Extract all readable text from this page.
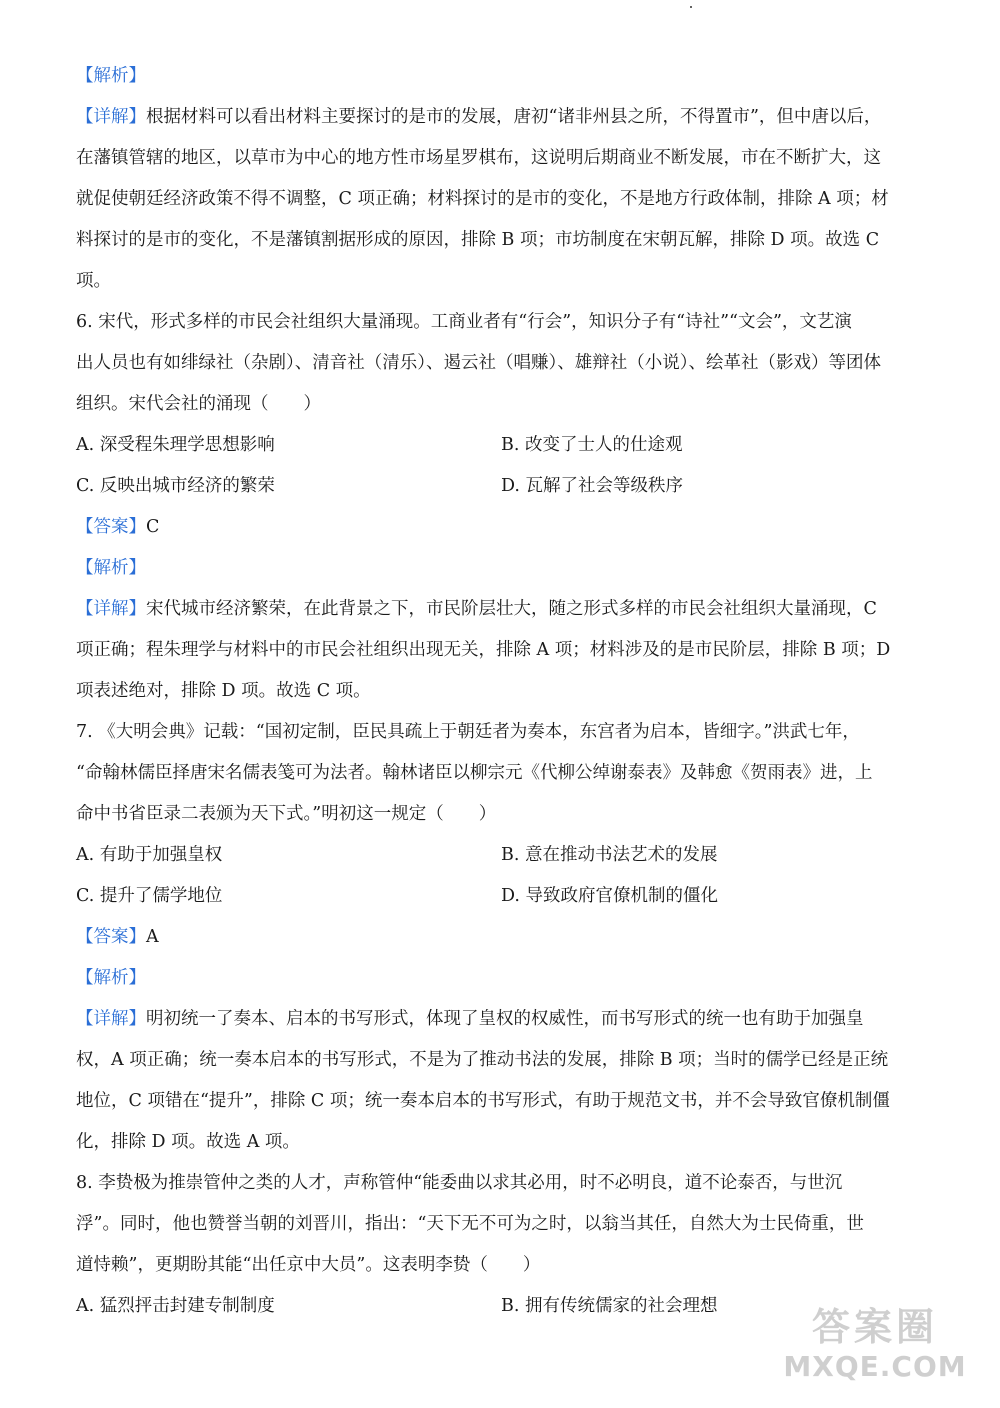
【解析】
【详解】根据材料可以看出材料主要探讨的是市的发展，唐初“诸非州县之所，不得置市”，但中唐以后，
在藩镇管辖的地区，以草市为中心的地方性市场星罗棋布，这说明后期商业不断发展，市在不断扩大，这
就促使朝廷经济政策不得不调整，C 项正确；材料探讨的是市的变化，不是地方行政体制，排除 A 项；材
料探讨的是市的变化，不是藩镇割据形成的原因，排除 B 项；市坊制度在宋朝瓦解，排除 D 项。故选 C
项。
6. 宋代，形式多样的市民会社组织大量涌现。工商业者有“行会”，知识分子有“诗社”“文会”，文艺演
出人员也有如绯绿社（杂剧）、清音社（清乐）、遏云社（唱赚）、雄辩社（小说）、绘革社（影戏）等团体
组织。宋代会社的涌现（　　）
A. 深受程朱理学思想影响	B. 改变了士人的仕途观
C. 反映出城市经济的繁荣	D. 瓦解了社会等级秩序
【答案】C
【解析】
【详解】宋代城市经济繁荣，在此背景之下，市民阶层壮大，随之形式多样的市民会社组织大量涌现，C
项正确；程朱理学与材料中的市民会社组织出现无关，排除 A 项；材料涉及的是市民阶层，排除 B 项；D
项表述绝对，排除 D 项。故选 C 项。
7. 《大明会典》记载：“国初定制，臣民具疏上于朝廷者为奏本，东宫者为启本，皆细字。”洪武七年，
“命翰林儒臣择唐宋名儒表笺可为法者。翰林诸臣以柳宗元《代柳公绰谢泰表》及韩愈《贺雨表》进，上
命中书省臣录二表颁为天下式。”明初这一规定（　　）
A. 有助于加强皇权	B. 意在推动书法艺术的发展
C. 提升了儒学地位	D. 导致政府官僚机制的僵化
【答案】A
【解析】
【详解】明初统一了奏本、启本的书写形式，体现了皇权的权威性，而书写形式的统一也有助于加强皇
权，A 项正确；统一奏本启本的书写形式，不是为了推动书法的发展，排除 B 项；当时的儒学已经是正统
地位，C 项错在“提升”，排除 C 项；统一奏本启本的书写形式，有助于规范文书，并不会导致官僚机制僵
化，排除 D 项。故选 A 项。
8. 李贽极为推崇管仲之类的人才，声称管仲“能委曲以求其必用，时不必明良，道不论泰否，与世沉
浮”。同时，他也赞誉当朝的刘晋川，指出：“天下无不可为之时，以翁当其任，自然大为士民倚重，世
道恃赖”，更期盼其能“出任京中大员”。这表明李贽（　　）
A. 猛烈抨击封建专制制度	B. 拥有传统儒家的社会理想	答案圈
MXQE.COM
